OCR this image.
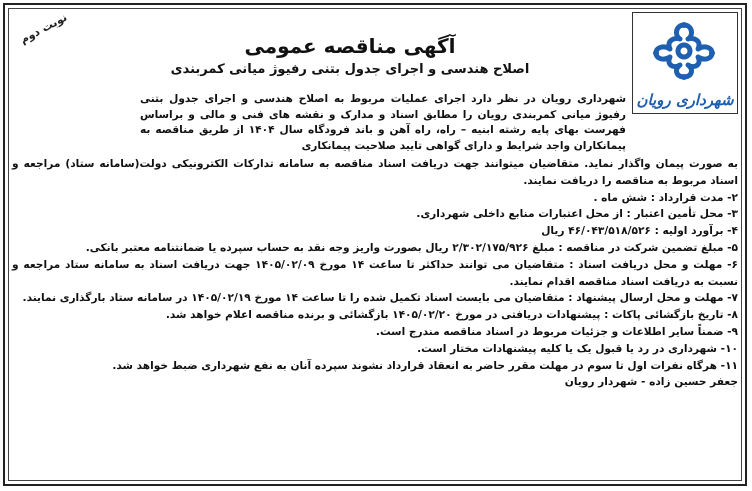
شهرداری رویان
نوبت دوم	آگهی مناقصه عمومی
اصلاح هندسی و اجرای جدول بتنی رفیوژ میانی کمربندی
شهرداری رویان در نظر دارد اجرای عملیات مربوط به اصلاح هندسی و اجرای جدول بتنی رفیوژ میانی کمربندی رویان را مطابق اسناد و مدارک و نقشه های فنی و مالی و براساس فهرست بهای پایه رشته ابنیه – راه، راه آهن و باند فرودگاه سال ۱۴۰۴ از طریق مناقصه به پیمانکاران واجد شرایط و دارای گواهی تایید صلاحیت پیمانکاری

به صورت پیمان واگذار نماید. متقاضیان میتوانند جهت دریافت اسناد مناقصه به سامانه تدارکات الکترونیکی دولت(سامانه ستاد) مراجعه و اسناد مربوط به مناقصه را دریافت نمایند.

۲- مدت قرارداد : شش ماه .

۳- محل تأمین اعتبار : از محل اعتبارات منابع داخلی شهرداری.

۴- برآورد اولیه : ۴۶/۰۴۳/۵۱۸/۵۲۶ ریال

۵- مبلغ تضمین شرکت در مناقصه : مبلغ ۲/۳۰۲/۱۷۵/۹۲۶ ریال بصورت واریز وجه نقد به حساب سپرده یا ضمانتنامه معتبر بانکی.

۶- مهلت و محل دریافت اسناد : متقاضیان می توانند حداکثر تا ساعت ۱۴ مورخ ۱۴۰۵/۰۲/۰۹ جهت دریافت اسناد به سامانه ستاد مراجعه و نسبت به دریافت اسناد مناقصه اقدام نمایند.

۷- مهلت و محل ارسال پیشنهاد : متقاضیان می بایست اسناد تکمیل شده را تا ساعت ۱۴ مورخ ۱۴۰۵/۰۲/۱۹ در سامانه ستاد بارگذاری نمایند.

۸- تاریخ بازگشائی پاکات : پیشنهادات دریافتی در مورخ ۱۴۰۵/۰۲/۲۰ بازگشائی و برنده مناقصه اعلام خواهد شد.

۹- ضمناً سایر اطلاعات و جزئیات مربوط در اسناد مناقصه مندرج است.

۱۰- شهرداری در رد یا قبول یک یا کلیه پیشنهادات مختار است.

۱۱- هرگاه نفرات اول تا سوم در مهلت مقرر حاضر به انعقاد قرارداد نشوند سپرده آنان به نفع شهرداری ضبط خواهد شد.

جعفر حسین زاده - شهردار رویان
